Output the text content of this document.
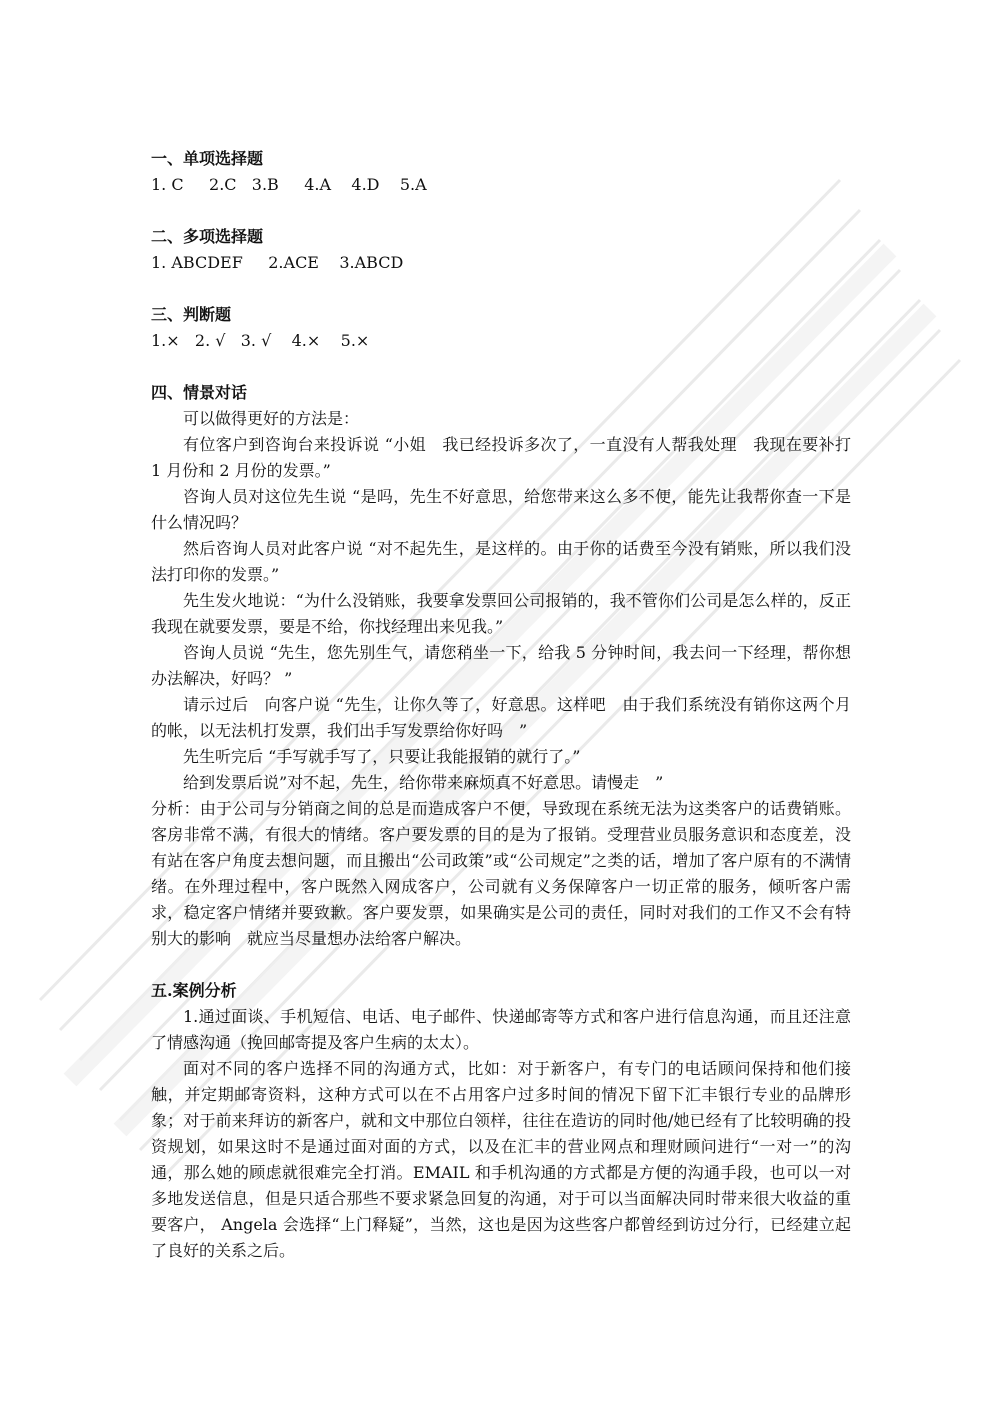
一、单项选择题
1. C     2.C   3.B     4.A    4.D    5.A
二、多项选择题
1. ABCDEF     2.ACE    3.ABCD
三、判断题
1.×   2. √   3. √    4.×    5.×
四、情景对话

可以做得更好的方法是：

有位客户到咨询台来投诉说 “小姐　我已经投诉多次了，一直没有人帮我处理　我现在要补打 1 月份和 2 月份的发票。”

咨询人员对这位先生说 “是吗，先生不好意思，给您带来这么多不便，能先让我帮你查一下是什么情况吗？

然后咨询人员对此客户说 “对不起先生，是这样的。由于你的话费至今没有销账，所以我们没法打印你的发票。”

先生发火地说：“为什么没销账，我要拿发票回公司报销的，我不管你们公司是怎么样的，反正我现在就要发票，要是不给，你找经理出来见我。”

咨询人员说 “先生，您先别生气，请您稍坐一下，给我 5 分钟时间，我去问一下经理，帮你想办法解决，好吗？ ”

请示过后　向客户说 “先生，让你久等了，好意思。这样吧　由于我们系统没有销你这两个月的帐，以无法机打发票，我们出手写发票给你好吗　”

先生听完后 “手写就手写了，只要让我能报销的就行了。”

给到发票后说”对不起，先生，给你带来麻烦真不好意思。请慢走　”

分析：由于公司与分销商之间的总是而造成客户不便，导致现在系统无法为这类客户的话费销账。客房非常不满，有很大的情绪。客户要发票的目的是为了报销。受理营业员服务意识和态度差，没有站在客户角度去想问题，而且搬出“公司政策”或“公司规定”之类的话，增加了客户原有的不满情绪。在外理过程中，客户既然入网成客户，公司就有义务保障客户一切正常的服务，倾听客户需求，稳定客户情绪并要致歉。客户要发票，如果确实是公司的责任，同时对我们的工作又不会有特别大的影响　就应当尽量想办法给客户解决。

五.案例分析

1.通过面谈、手机短信、电话、电子邮件、快递邮寄等方式和客户进行信息沟通，而且还注意了情感沟通（挽回邮寄提及客户生病的太太）。

面对不同的客户选择不同的沟通方式，比如：对于新客户，有专门的电话顾问保持和他们接触，并定期邮寄资料，这种方式可以在不占用客户过多时间的情况下留下汇丰银行专业的品牌形象；对于前来拜访的新客户，就和文中那位白领样，往往在造访的同时他/她已经有了比较明确的投资规划，如果这时不是通过面对面的方式，以及在汇丰的营业网点和理财顾问进行“一对一”的沟通，那么她的顾虑就很难完全打消。EMAIL 和手机沟通的方式都是方便的沟通手段，也可以一对多地发送信息，但是只适合那些不要求紧急回复的沟通，对于可以当面解决同时带来很大收益的重要客户， Angela 会选择“上门释疑”，当然，这也是因为这些客户都曾经到访过分行，已经建立起了良好的关系之后。
